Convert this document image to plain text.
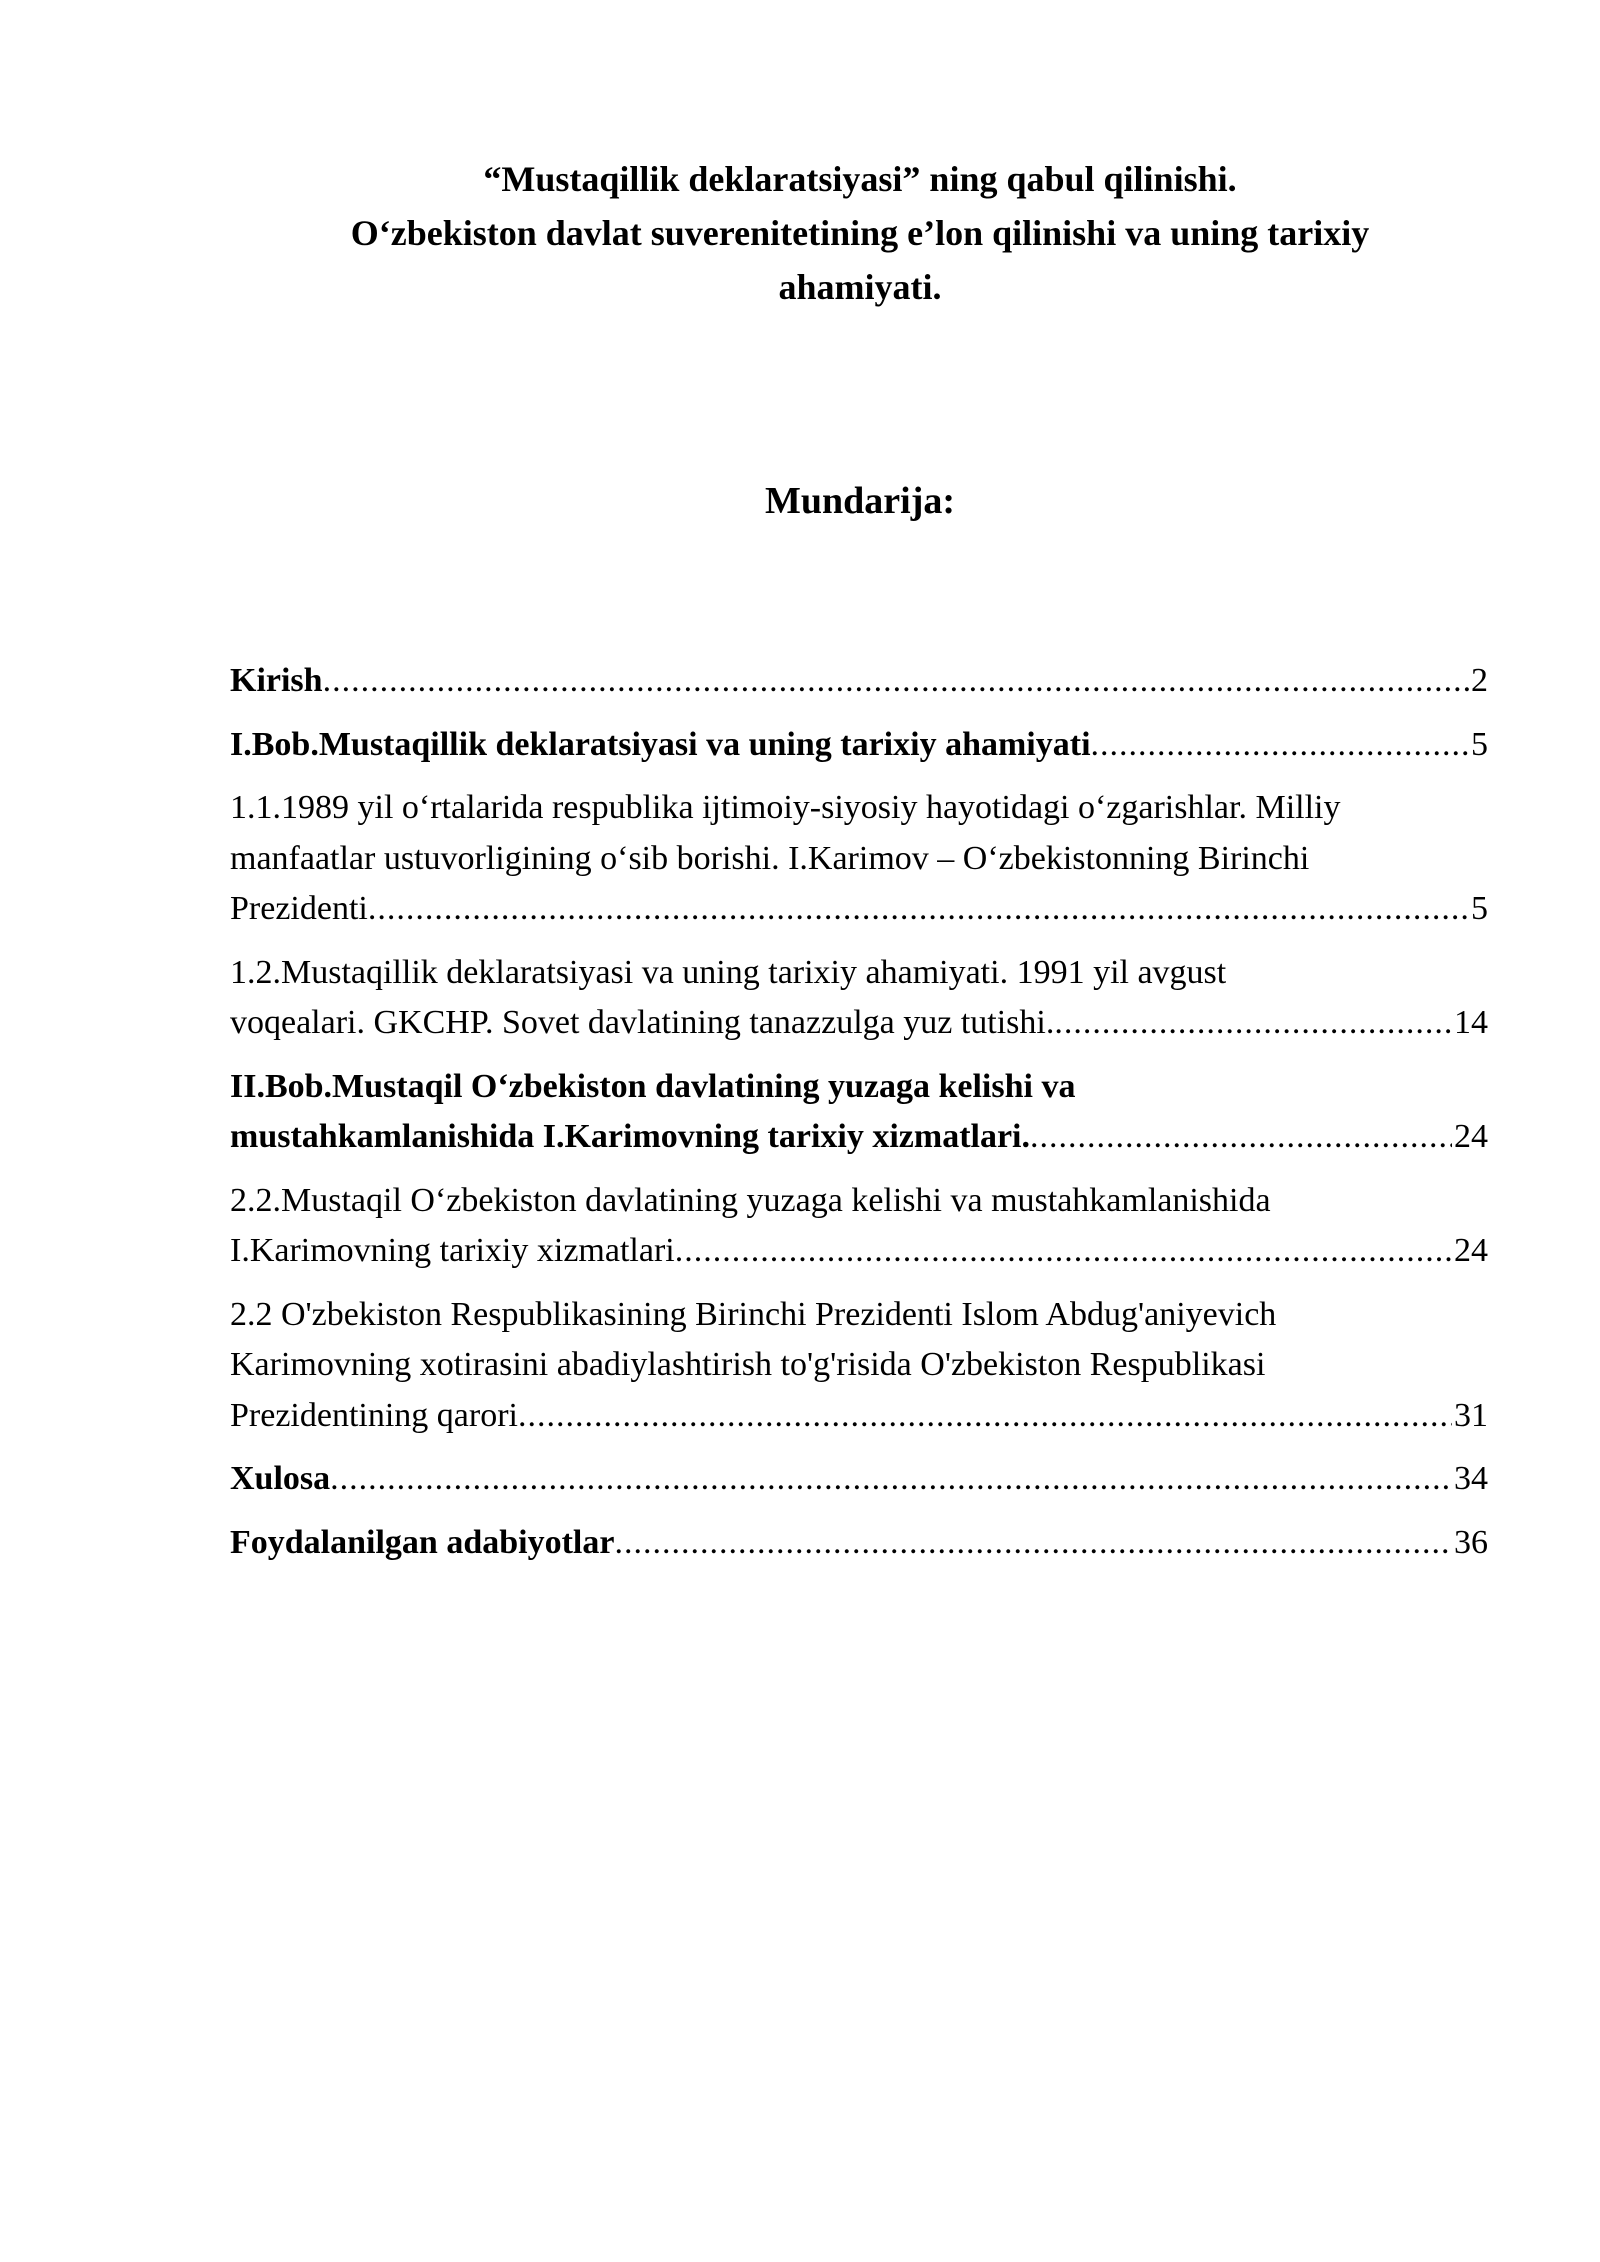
“Mustaqillik deklaratsiyasi” ning qabul qilinishi.
O‘zbekiston davlat suverenitetining e’lon qilinishi va uning tarixiy
ahamiyati.
Mundarija:
Kirish .....	2
I.Bob.Mustaqillik deklaratsiyasi va uning tarixiy ahamiyati .....	5
1.1.1989 yil o‘rtalarida respublika ijtimoiy-siyosiy hayotidagi o‘zgarishlar. Milliy
manfaatlar ustuvorligining o‘sib borishi. I.Karimov – O‘zbekistonning Birinchi
Prezidenti .....	5
1.2.Mustaqillik deklaratsiyasi va uning tarixiy ahamiyati. 1991 yil avgust
voqealari. GKCHP. Sovet davlatining tanazzulga yuz tutishi. .....	14
II.Bob.Mustaqil O‘zbekiston davlatining yuzaga kelishi va
mustahkamlanishida I.Karimovning tarixiy xizmatlari. .....	24
2.2.Mustaqil O‘zbekiston davlatining yuzaga kelishi va mustahkamlanishida
I.Karimovning tarixiy xizmatlari .....	24
2.2 O'zbekiston Respublikasining Birinchi Prezidenti Islom Abdug'aniyevich
Karimovning xotirasini abadiylashtirish to'g'risida O'zbekiston Respublikasi
Prezidentining qarori .....	31
Xulosa .....	34
Foydalanilgan adabiyotlar .....	36
